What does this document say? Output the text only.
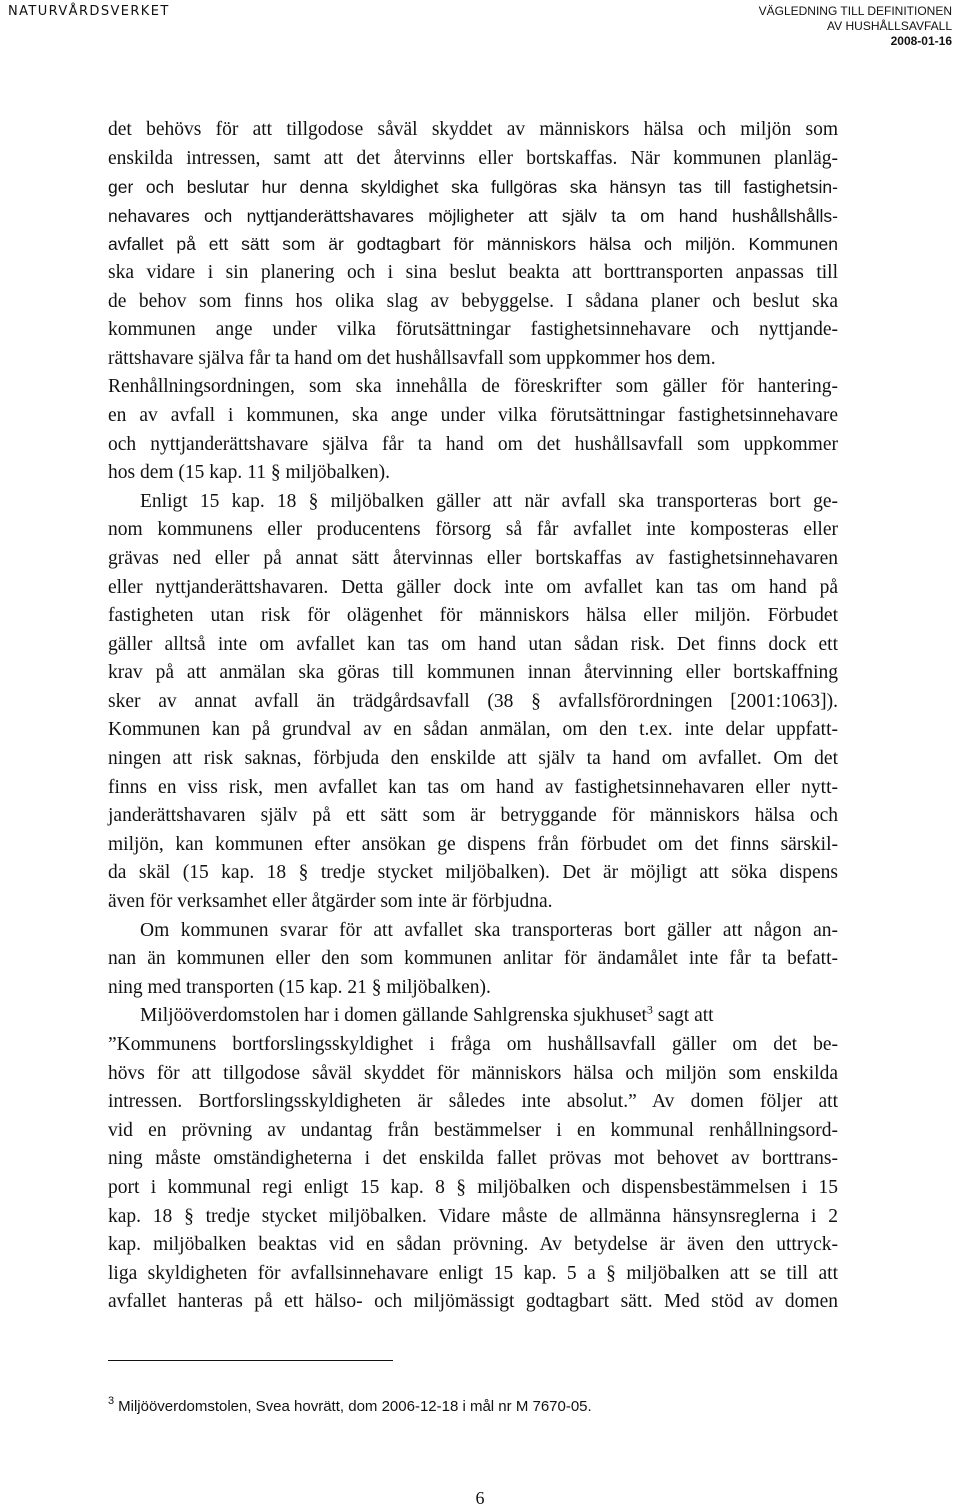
NATURVÅRDSVERKET	VÄGLEDNING TILL DEFINITIONEN
AV HUSHÅLLSAVFALL
2008-01-16
det behövs för att tillgodose såväl skyddet av människors hälsa och miljön som
enskilda intressen, samt att det återvinns eller bortskaffas. När kommunen planläg-
ger och beslutar hur denna skyldighet ska fullgöras ska hänsyn tas till fastighetsin-
nehavares och nyttjanderättshavares möjligheter att själv ta om hand hushållshålls-
avfallet på ett sätt som är godtagbart för människors hälsa och miljön. Kommunen
ska vidare i sin planering och i sina beslut beakta att borttransporten anpassas till
de behov som finns hos olika slag av bebyggelse. I sådana planer och beslut ska
kommunen ange under vilka förutsättningar fastighetsinnehavare och nyttjande-
rättshavare själva får ta hand om det hushållsavfall som uppkommer hos dem.
Renhållningsordningen, som ska innehålla de föreskrifter som gäller för hantering-
en av avfall i kommunen, ska ange under vilka förutsättningar fastighetsinnehavare
och nyttjanderättshavare själva får ta hand om det hushållsavfall som uppkommer
hos dem (15 kap. 11 § miljöbalken).
Enligt 15 kap. 18 § miljöbalken gäller att när avfall ska transporteras bort ge-
nom kommunens eller producentens försorg så får avfallet inte komposteras eller
grävas ned eller på annat sätt återvinnas eller bortskaffas av fastighetsinnehavaren
eller nyttjanderättshavaren. Detta gäller dock inte om avfallet kan tas om hand på
fastigheten utan risk för olägenhet för människors hälsa eller miljön. Förbudet
gäller alltså inte om avfallet kan tas om hand utan sådan risk. Det finns dock ett
krav på att anmälan ska göras till kommunen innan återvinning eller bortskaffning
sker av annat avfall än trädgårdsavfall (38 § avfallsförordningen [2001:1063]).
Kommunen kan på grundval av en sådan anmälan, om den t.ex. inte delar uppfatt-
ningen att risk saknas, förbjuda den enskilde att själv ta hand om avfallet. Om det
finns en viss risk, men avfallet kan tas om hand av fastighetsinnehavaren eller nytt-
janderättshavaren själv på ett sätt som är betryggande för människors hälsa och
miljön, kan kommunen efter ansökan ge dispens från förbudet om det finns särskil-
da skäl (15 kap. 18 § tredje stycket miljöbalken). Det är möjligt att söka dispens
även för verksamhet eller åtgärder som inte är förbjudna.
Om kommunen svarar för att avfallet ska transporteras bort gäller att någon an-
nan än kommunen eller den som kommunen anlitar för ändamålet inte får ta befatt-
ning med transporten (15 kap. 21 § miljöbalken).
Miljööverdomstolen har i domen gällande Sahlgrenska sjukhuset$^3$ sagt att
”Kommunens bortforslingsskyldighet i fråga om hushållsavfall gäller om det be-
hövs för att tillgodose såväl skyddet för människors hälsa och miljön som enskilda
intressen. Bortforslingsskyldigheten är således inte absolut.” Av domen följer att
vid en prövning av undantag från bestämmelser i en kommunal renhållningsord-
ning måste omständigheterna i det enskilda fallet prövas mot behovet av borttrans-
port i kommunal regi enligt 15 kap. 8 § miljöbalken och dispensbestämmelsen i 15
kap. 18 § tredje stycket miljöbalken. Vidare måste de allmänna hänsynsreglerna i 2
kap. miljöbalken beaktas vid en sådan prövning. Av betydelse är även den uttryck-
liga skyldigheten för avfallsinnehavare enligt 15 kap. 5 a § miljöbalken att se till att
avfallet hanteras på ett hälso- och miljömässigt godtagbart sätt. Med stöd av domen
$^3$ Miljööverdomstolen, Svea hovrätt, dom 2006-12-18 i mål nr M 7670-05.
6
